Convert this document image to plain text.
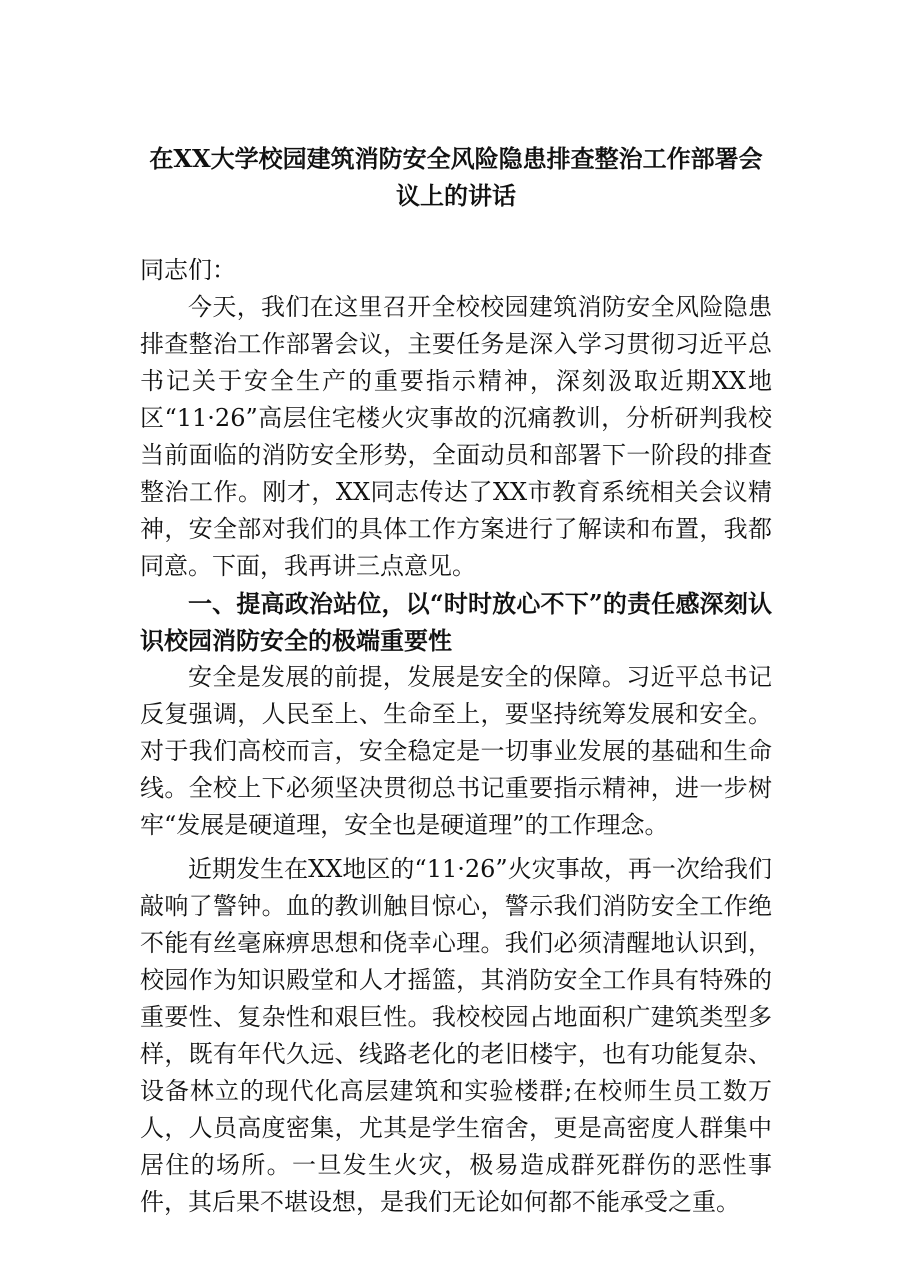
在XX大学校园建筑消防安全风险隐患排查整治工作部署会议上的讲话

同志们：

今天，我们在这里召开全校校园建筑消防安全风险隐患排查整治工作部署会议，主要任务是深入学习贯彻习近平总书记关于安全生产的重要指示精神，深刻汲取近期XX地区“11·26”高层住宅楼火灾事故的沉痛教训，分析研判我校当前面临的消防安全形势，全面动员和部署下一阶段的排查整治工作。刚才，XX同志传达了XX市教育系统相关会议精神，安全部对我们的具体工作方案进行了解读和布置，我都同意。下面，我再讲三点意见。

一、提高政治站位，以“时时放心不下”的责任感深刻认识校园消防安全的极端重要性

安全是发展的前提，发展是安全的保障。习近平总书记反复强调，人民至上、生命至上，要坚持统筹发展和安全。对于我们高校而言，安全稳定是一切事业发展的基础和生命线。全校上下必须坚决贯彻总书记重要指示精神，进一步树牢“发展是硬道理，安全也是硬道理”的工作理念。

近期发生在XX地区的“11·26”火灾事故，再一次给我们敲响了警钟。血的教训触目惊心，警示我们消防安全工作绝不能有丝毫麻痹思想和侥幸心理。我们必须清醒地认识到，校园作为知识殿堂和人才摇篮，其消防安全工作具有特殊的重要性、复杂性和艰巨性。我校校园占地面积广建筑类型多样，既有年代久远、线路老化的老旧楼宇，也有功能复杂、设备林立的现代化高层建筑和实验楼群;在校师生员工数万人，人员高度密集，尤其是学生宿舍，更是高密度人群集中居住的场所。一旦发生火灾，极易造成群死群伤的恶性事件，其后果不堪设想，是我们无论如何都不能承受之重。
